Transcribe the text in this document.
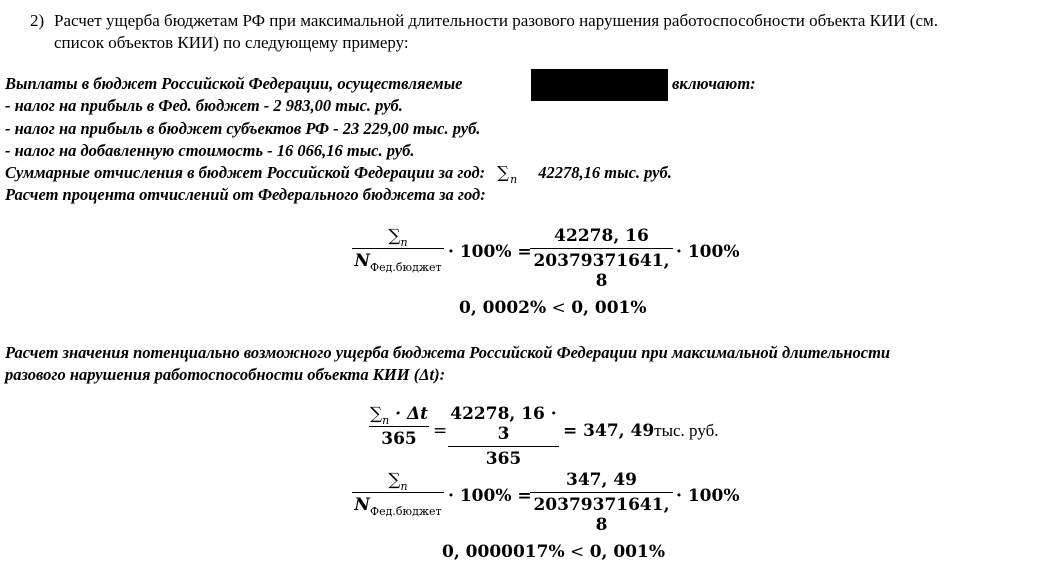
2) Расчет ущерба бюджетам РФ при максимальной длительности разового нарушения работоспособности объекта КИИ (см.
список объектов КИИ) по следующему примеру:
Выплаты в бюджет Российской Федерации, осуществляемые	включают:
- налог на прибыль в Фед. бюджет - 2 983,00 тыс. руб.
- налог на прибыль в бюджет субъектов РФ - 23 229,00 тыс. руб.
- налог на добавленную стоимость - 16 066,16 тыс. руб.
Суммарные отчисления в бюджет Российской Федерации за год: $\sum_n$ 42278,16 тыс. руб.
Расчет процента отчислений от Федерального бюджета за год:
$\sum_n$
$N_{Фед.бюджет}$
· 100% =
42278, 16
20379371641, 8
· 100%
0, 0002% < 0, 001%
Расчет значения потенциально возможного ущерба бюджета Российской Федерации при максимальной длительности
разового нарушения работоспособности объекта КИИ (Δt):
$\sum_n \cdot \Delta t$
365 =
42278, 16 · 3
365
= 347, 49тыс. руб.
$\sum_n$
$N_{Фед.бюджет}$
· 100% =
347, 49
20379371641, 8
· 100%
0, 0000017% < 0, 001%
